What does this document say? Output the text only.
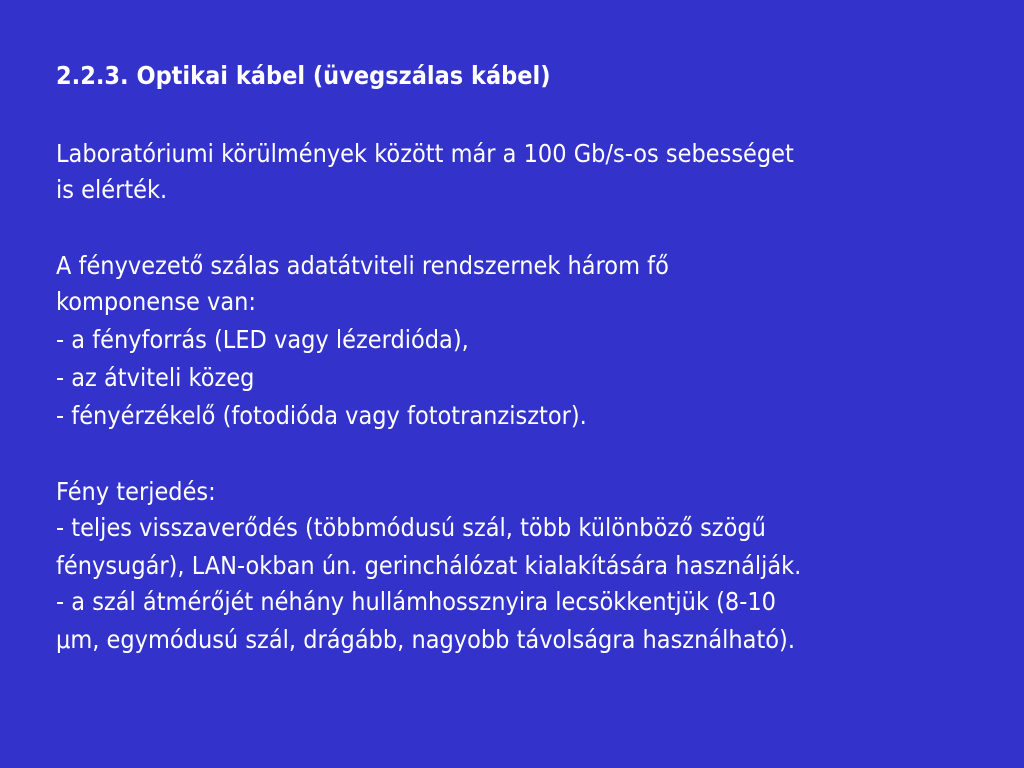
2.2.3. Optikai kábel (üvegszálas kábel)

Laboratóriumi körülmények között már a 100 Gb/s-os sebességet

is elérték.

A fényvezető szálas adatátviteli rendszernek három fő

komponense van:

- a fényforrás (LED vagy lézerdióda),

- az átviteli közeg

- fényérzékelő (fotodióda vagy fototranzisztor).

Fény terjedés:

- teljes visszaverődés (többmódusú szál, több különböző szögű

fénysugár), LAN-okban ún. gerinchálózat kialakítására használják.

- a szál átmérőjét néhány hullámhossznyira lecsökkentjük (8-10

μm, egymódusú szál, drágább, nagyobb távolságra használható).
